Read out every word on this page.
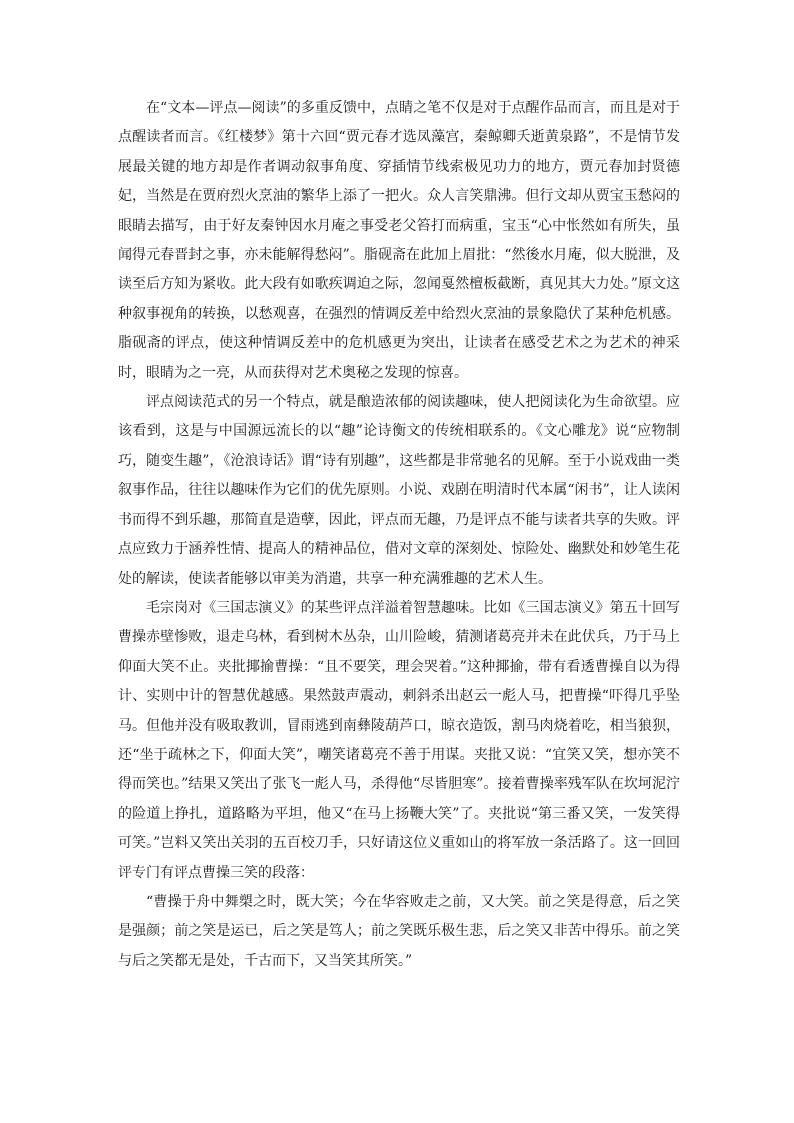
在“文本—评点—阅读”的多重反馈中，点睛之笔不仅是对于点醒作品而言，而且是对于点醒读者而言。《红楼梦》第十六回“贾元春才选凤藻宫，秦鲸卿夭逝黄泉路”，不是情节发展最关键的地方却是作者调动叙事角度、穿插情节线索极见功力的地方，贾元春加封贤德妃，当然是在贾府烈火烹油的繁华上添了一把火。众人言笑鼎沸。但行文却从贾宝玉愁闷的眼睛去描写，由于好友秦钟因水月庵之事受老父笞打而病重，宝玉“心中怅然如有所失，虽闻得元春晋封之事，亦未能解得愁闷”。脂砚斋在此加上眉批：“然後水月庵，似大脱泄，及读至后方知为紧收。此大段有如歌疾调迫之际，忽闻戛然檀板截断，真见其大力处。”原文这种叙事视角的转换，以愁观喜，在强烈的情调反差中给烈火烹油的景象隐伏了某种危机感。脂砚斋的评点，使这种情调反差中的危机感更为突出，让读者在感受艺术之为艺术的神采时，眼睛为之一亮，从而获得对艺术奥秘之发现的惊喜。

评点阅读范式的另一个特点，就是酿造浓郁的阅读趣味，使人把阅读化为生命欲望。应该看到，这是与中国源远流长的以“趣”论诗衡文的传统相联系的。《文心雕龙》说“应物制巧，随变生趣”，《沧浪诗话》谓“诗有别趣”，这些都是非常驰名的见解。至于小说戏曲一类叙事作品，往往以趣味作为它们的优先原则。小说、戏剧在明清时代本属“闲书”，让人读闲书而得不到乐趣，那简直是造孽，因此，评点而无趣，乃是评点不能与读者共享的失败。评点应致力于涵养性情、提高人的精神品位，借对文章的深刻处、惊险处、幽默处和妙笔生花处的解读，使读者能够以审美为消遣，共享一种充满雅趣的艺术人生。

毛宗岗对《三国志演义》的某些评点洋溢着智慧趣味。比如《三国志演义》第五十回写曹操赤壁惨败，退走乌林，看到树木丛杂，山川险峻，猜测诸葛亮并未在此伏兵，乃于马上仰面大笑不止。夹批揶揄曹操：“且不要笑，理会哭着。”这种揶揄，带有看透曹操自以为得计、实则中计的智慧优越感。果然鼓声震动，刺斜杀出赵云一彪人马，把曹操“吓得几乎坠马。但他并没有吸取教训，冒雨逃到南彝陵葫芦口，晾衣造饭，割马肉烧着吃，相当狼狈，还“坐于疏林之下，仰面大笑”，嘲笑诸葛亮不善于用谋。夹批又说：“宜笑又笑，想亦笑不得而笑也。”结果又笑出了张飞一彪人马，杀得他“尽皆胆寒”。接着曹操率残军队在坎坷泥泞的险道上挣扎，道路略为平坦，他又“在马上扬鞭大笑”了。夹批说“第三番又笑，一发笑得可笑。”岂料又笑出关羽的五百校刀手，只好请这位义重如山的将军放一条活路了。这一回回评专门有评点曹操三笑的段落：

“曹操于舟中舞槊之时，既大笑；今在华容败走之前，又大笑。前之笑是得意，后之笑是强颜；前之笑是运已，后之笑是笃人；前之笑既乐极生悲，后之笑又非苦中得乐。前之笑与后之笑都无是处，千古而下，又当笑其所笑。”
